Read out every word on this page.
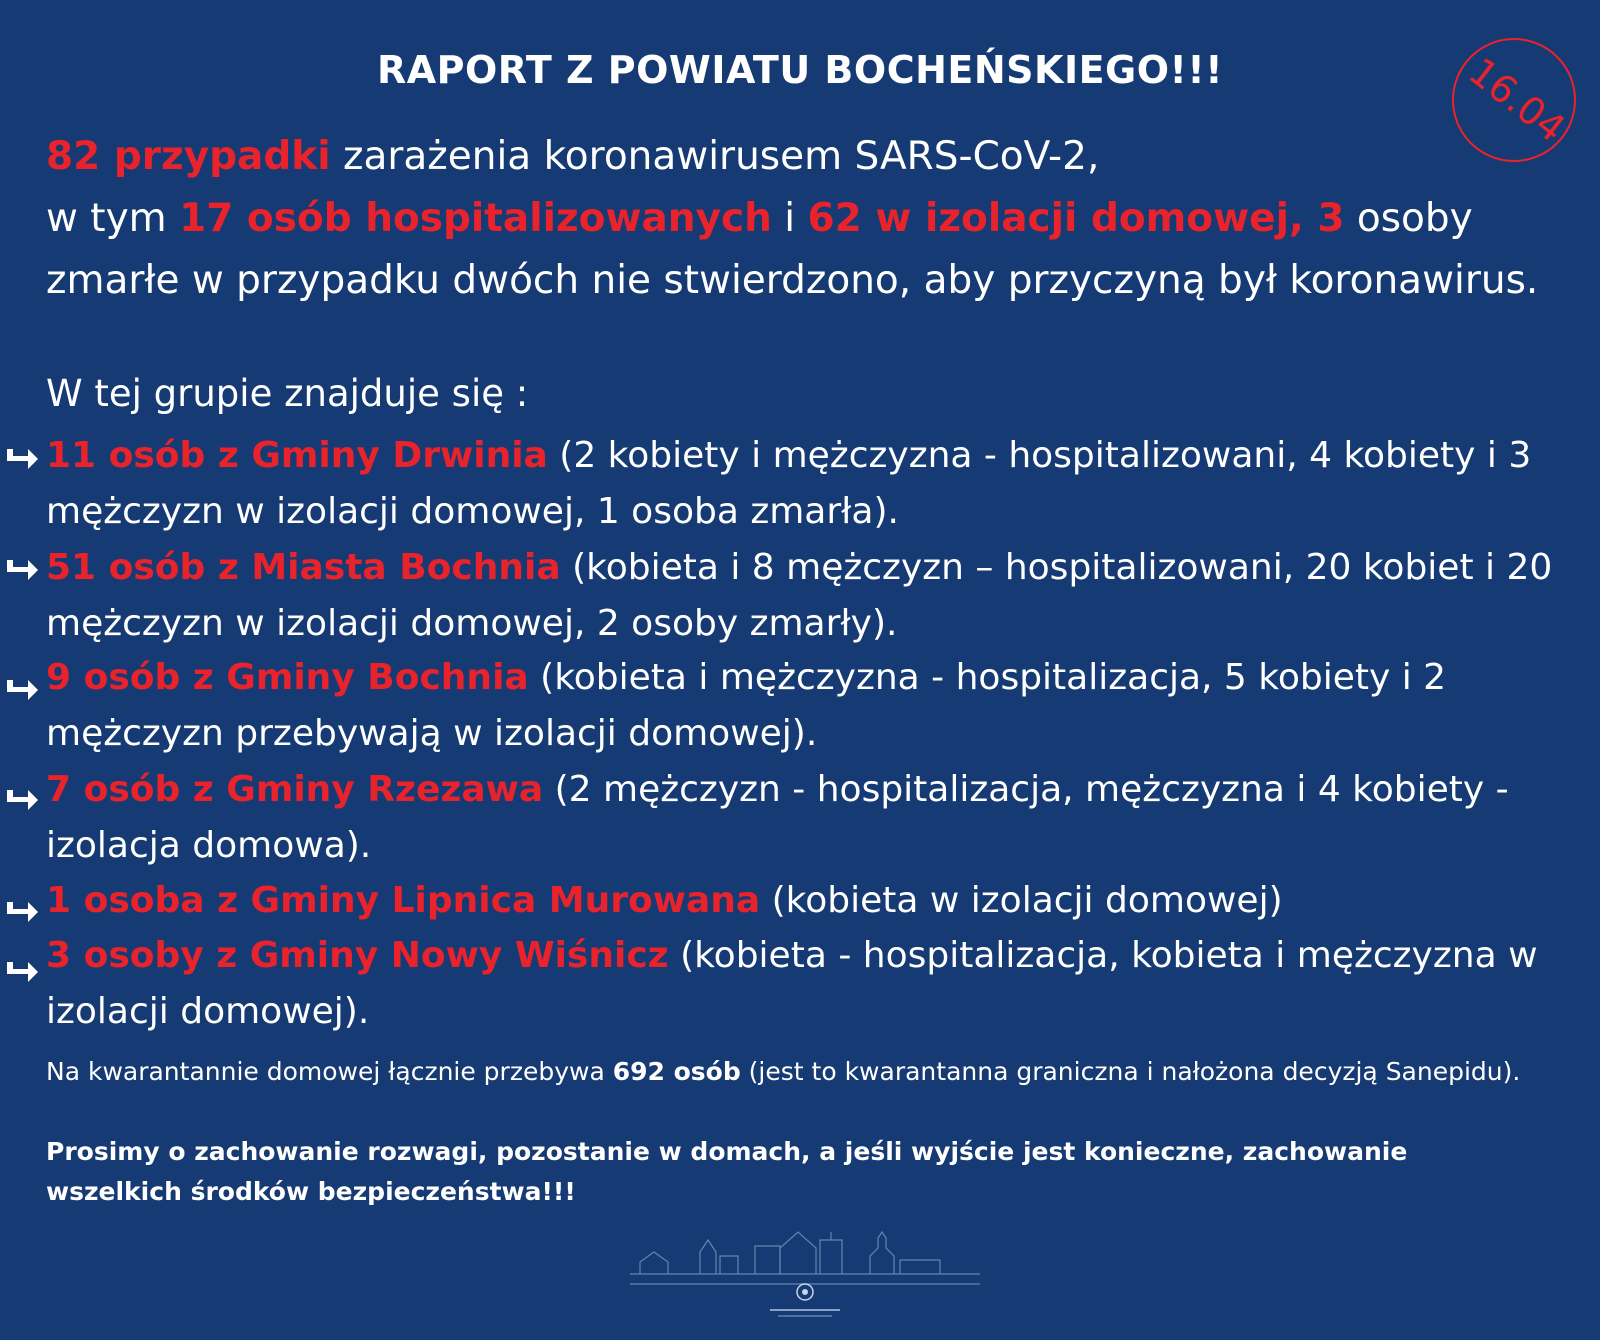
RAPORT Z POWIATU BOCHEŃSKIEGO!!!	16.04
82 przypadki zarażenia koronawirusem SARS-CoV-2,
w tym 17 osób hospitalizowanych i 62 w izolacji domowej, 3 osoby zmarłe w przypadku dwóch nie stwierdzono, aby przyczyną był koronawirus.
W tej grupie znajduje się :
11 osób z Gminy Drwinia (2 kobiety i mężczyzna - hospitalizowani, 4 kobiety i 3 mężczyzn w izolacji domowej, 1 osoba zmarła).
51 osób z Miasta Bochnia (kobieta i 8 mężczyzn – hospitalizowani, 20 kobiet i 20 mężczyzn w izolacji domowej, 2 osoby zmarły).
9 osób z Gminy Bochnia (kobieta i mężczyzna - hospitalizacja, 5 kobiety i 2 mężczyzn przebywają w izolacji domowej).
7 osób z Gminy Rzezawa (2 mężczyzn - hospitalizacja, mężczyzna i 4 kobiety - izolacja domowa).
1 osoba z Gminy Lipnica Murowana (kobieta w izolacji domowej)
3 osoby z Gminy Nowy Wiśnicz (kobieta - hospitalizacja, kobieta i mężczyzna w izolacji domowej).
Na kwarantannie domowej łącznie przebywa 692 osób (jest to kwarantanna graniczna i nałożona decyzją Sanepidu).
Prosimy o zachowanie rozwagi, pozostanie w domach, a jeśli wyjście jest konieczne, zachowanie wszelkich środków bezpieczeństwa!!!
